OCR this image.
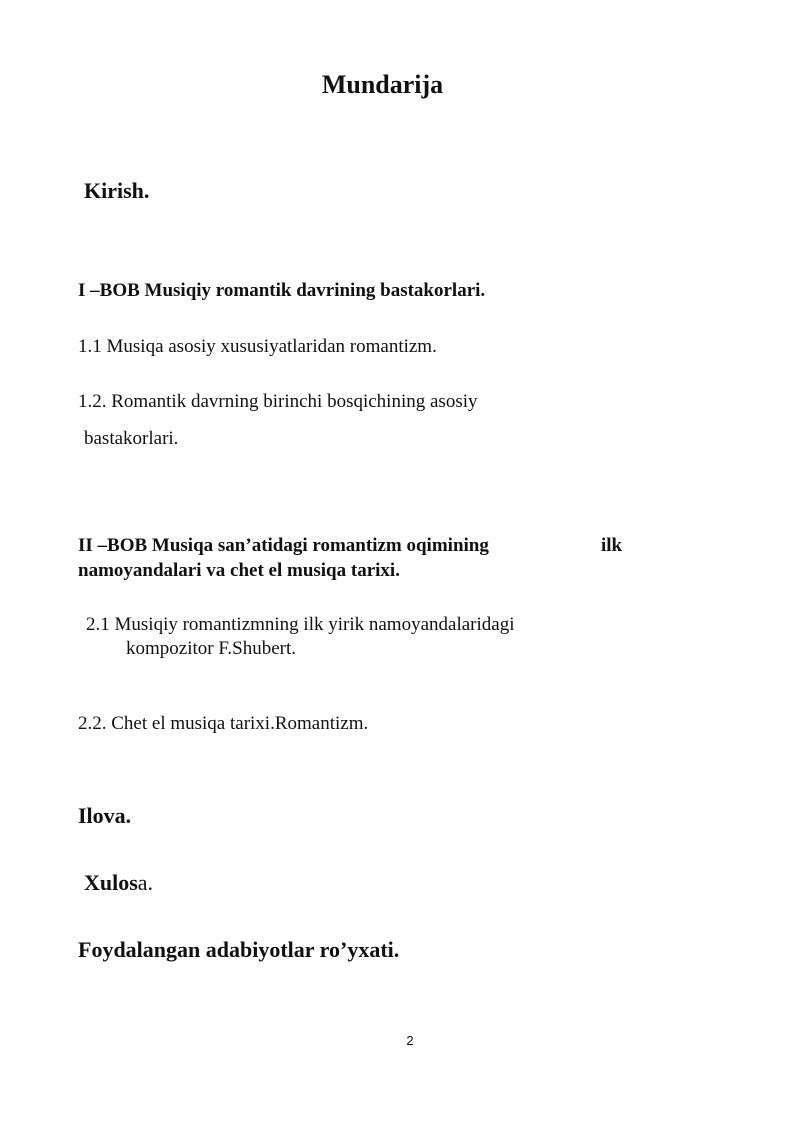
Mundarija
Kirish.
I –BOB Musiqiy romantik davrining bastakorlari.
1.1 Musiqa asosiy xususiyatlaridan romantizm.
1.2. Romantik davrning birinchi bosqichining asosiy
bastakorlari.
II –BOB Musiqa san’atidagi romantizm oqimining	ilk
namoyandalari va chet el musiqa tarixi.
2.1 Musiqiy romantizmning ilk yirik namoyandalaridagi
kompozitor F.Shubert.
2.2. Chet el musiqa tarixi.Romantizm.
Ilova.
Xulosa.
Foydalangan adabiyotlar ro’yxati.
2
